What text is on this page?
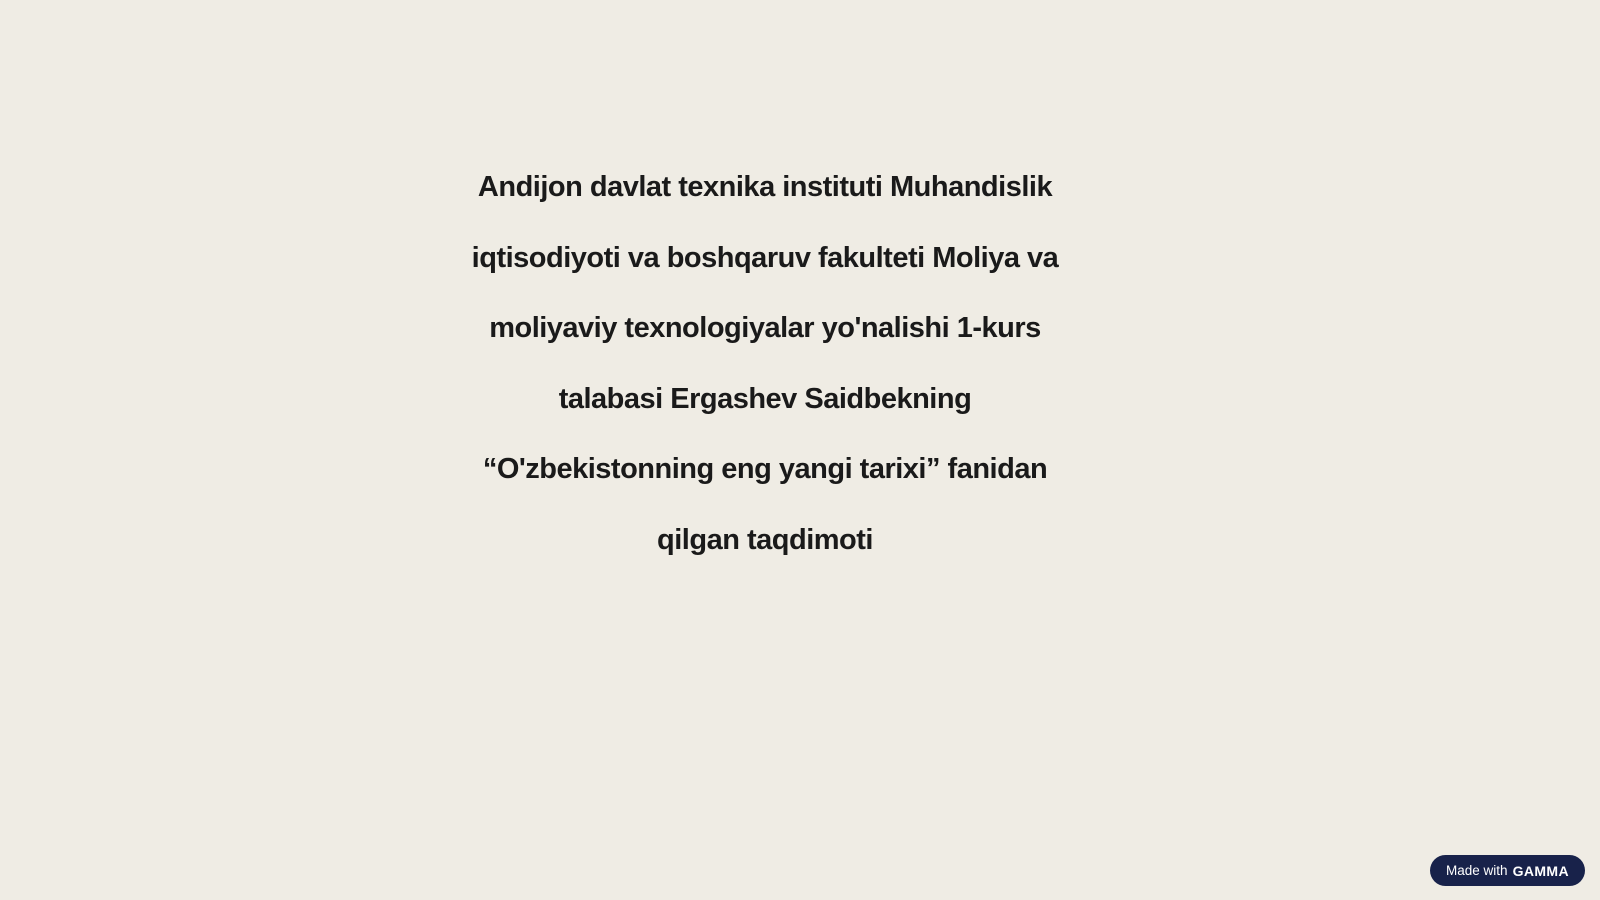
Andijon davlat texnika instituti Muhandislik
iqtisodiyoti va boshqaruv fakulteti Moliya va
moliyaviy texnologiyalar yo'nalishi 1-kurs
talabasi Ergashev Saidbekning
“O'zbekistonning eng yangi tarixi” fanidan
qilgan taqdimoti
Made with GAMMA
